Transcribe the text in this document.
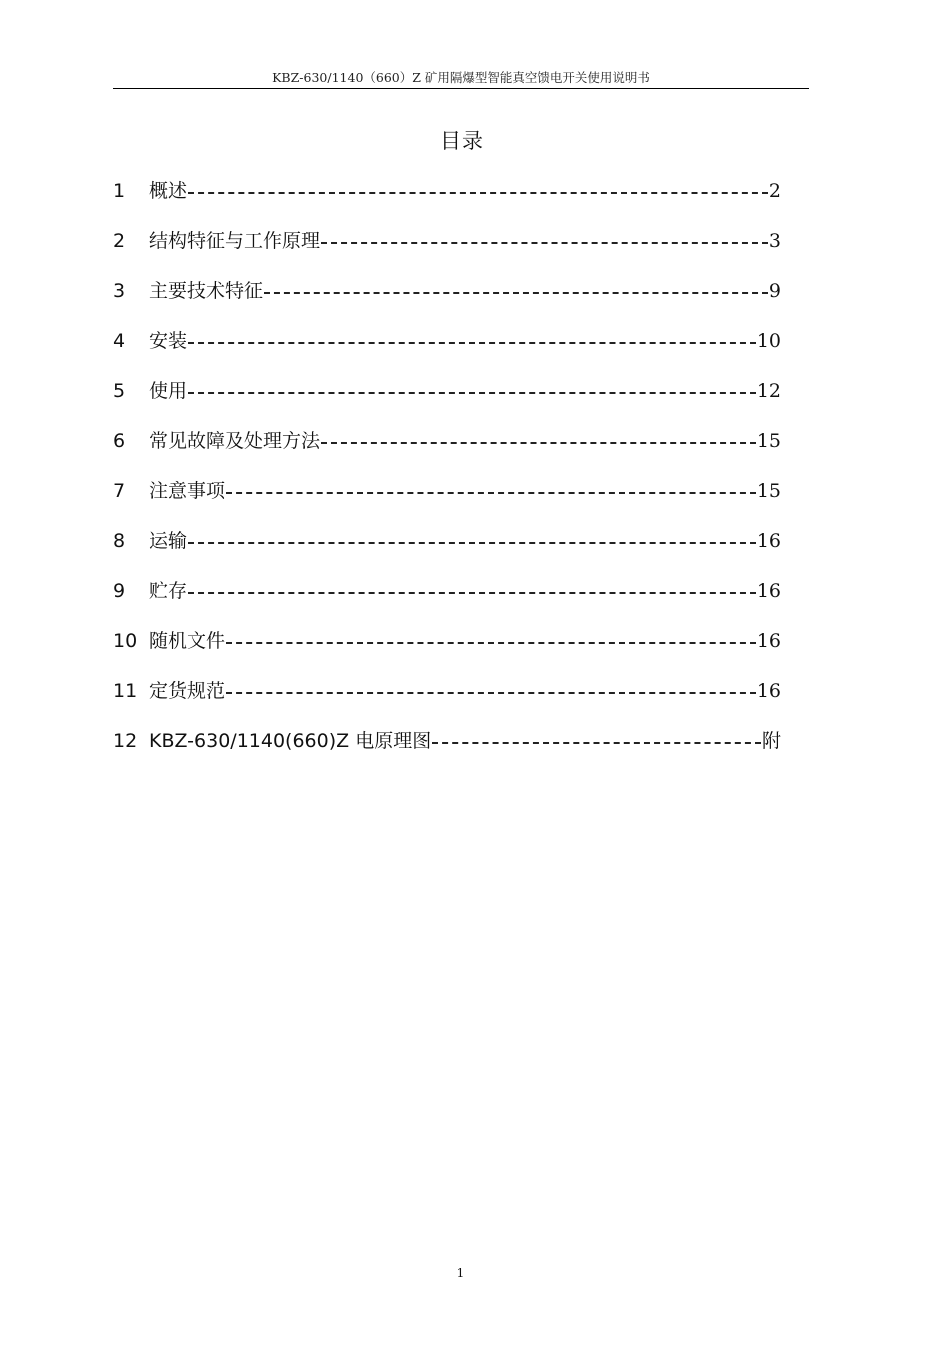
KBZ-630/1140（660）Z 矿用隔爆型智能真空馈电开关使用说明书
目录
1	概述	2
2	结构特征与工作原理	3
3	主要技术特征	9
4	安装	10
5	使用	12
6	常见故障及处理方法	15
7	注意事项	15
8	运输	16
9	贮存	16
10 随机文件	16
11 定货规范	16
12 KBZ-630/1140(660)Z 电原理图	附
1
